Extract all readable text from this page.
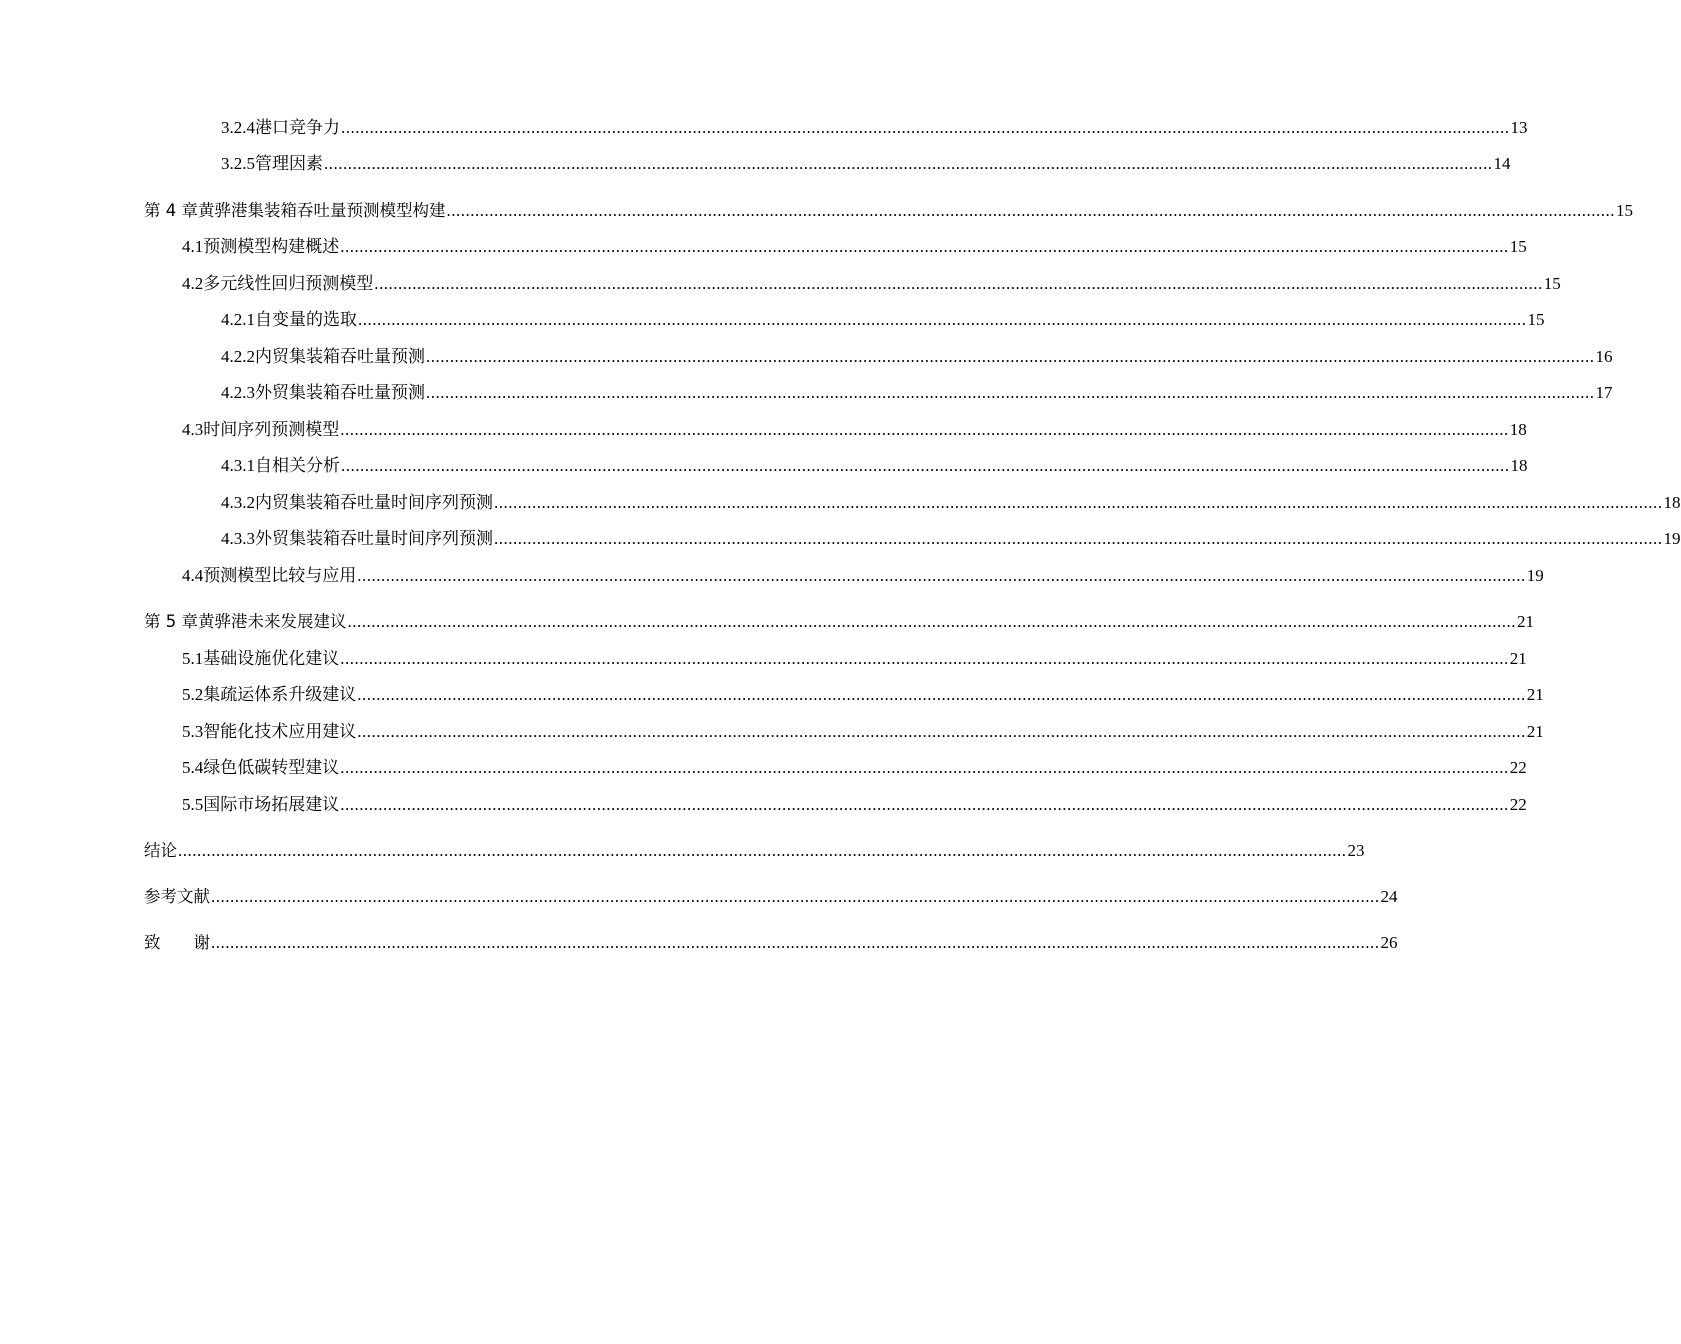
3.2.4 港口竞争力 .....	13
3.2.5 管理因素 .....	14
第 4 章 黄骅港集装箱吞吐量预测模型构建 .....	15
4.1 预测模型构建概述 .....	15
4.2 多元线性回归预测模型 .....	15
4.2.1 自变量的选取 .....	15
4.2.2 内贸集装箱吞吐量预测 .....	16
4.2.3 外贸集装箱吞吐量预测 .....	17
4.3 时间序列预测模型 .....	18
4.3.1 自相关分析 .....	18
4.3.2 内贸集装箱吞吐量时间序列预测 .....	18
4.3.3 外贸集装箱吞吐量时间序列预测 .....	19
4.4 预测模型比较与应用 .....	19
第 5 章 黄骅港未来发展建议 .....	21
5.1 基础设施优化建议 .....	21
5.2 集疏运体系升级建议 .....	21
5.3 智能化技术应用建议 .....	21
5.4 绿色低碳转型建议 .....	22
5.5 国际市场拓展建议 .....	22
结论 .....	23
参考文献 .....	24
致　　谢 .....	26
